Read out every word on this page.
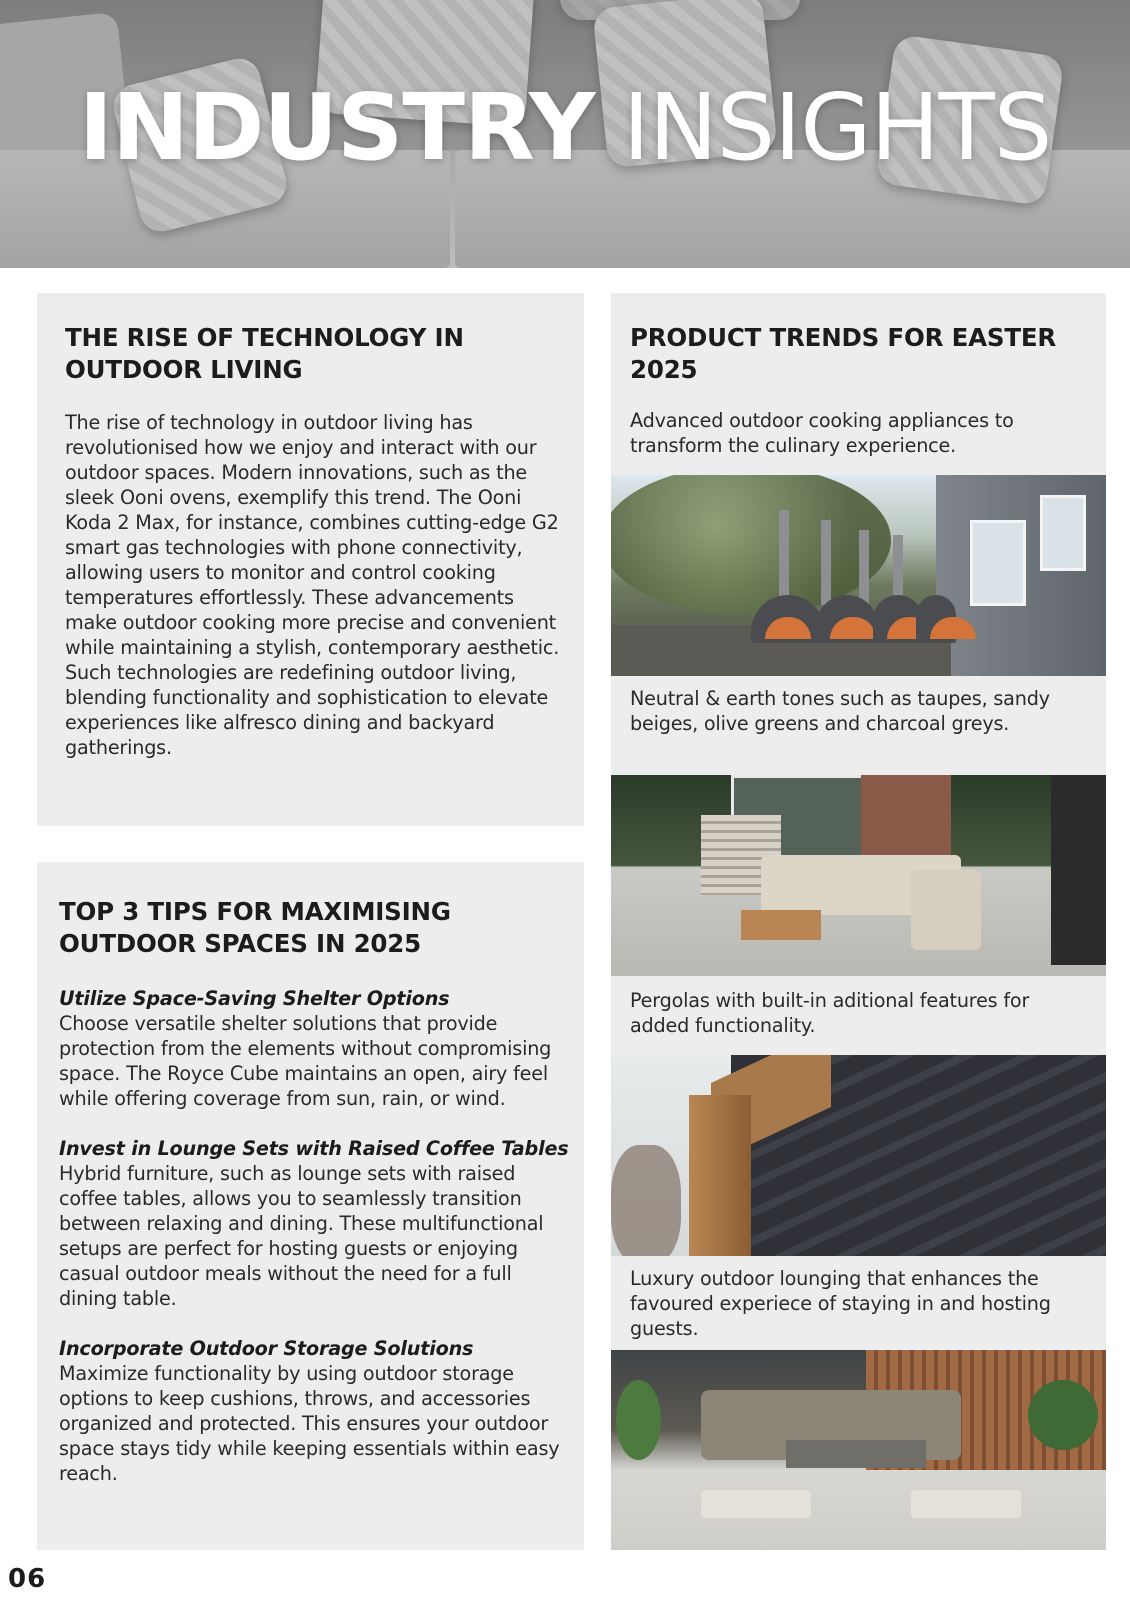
INDUSTRY INSIGHTS
THE RISE OF TECHNOLOGY IN OUTDOOR LIVING
The rise of technology in outdoor living has revolutionised how we enjoy and interact with our outdoor spaces. Modern innovations, such as the sleek Ooni ovens, exemplify this trend. The Ooni Koda 2 Max, for instance, combines cutting-edge G2 smart gas technologies with phone connectivity, allowing users to monitor and control cooking temperatures effortlessly. These advancements make outdoor cooking more precise and convenient while maintaining a stylish, contemporary aesthetic. Such technologies are redefining outdoor living, blending functionality and sophistication to elevate experiences like alfresco dining and backyard gatherings.
TOP 3 TIPS FOR MAXIMISING OUTDOOR SPACES IN 2025
Utilize Space-Saving Shelter Options
Choose versatile shelter solutions that provide protection from the elements without compromising space. The Royce Cube maintains an open, airy feel while offering coverage from sun, rain, or wind.
Invest in Lounge Sets with Raised Coffee Tables
Hybrid furniture, such as lounge sets with raised coffee tables, allows you to seamlessly transition between relaxing and dining. These multifunctional setups are perfect for hosting guests or enjoying casual outdoor meals without the need for a full dining table.
Incorporate Outdoor Storage Solutions
Maximize functionality by using outdoor storage options to keep cushions, throws, and accessories organized and protected. This ensures your outdoor space stays tidy while keeping essentials within easy reach.
PRODUCT TRENDS FOR EASTER 2025
Advanced outdoor cooking appliances to transform the culinary experience.
Neutral & earth tones such as taupes, sandy beiges, olive greens and charcoal greys.
Pergolas with built-in aditional features for added functionality.
Luxury outdoor lounging that enhances the favoured experiece of staying in and hosting guests.
06
